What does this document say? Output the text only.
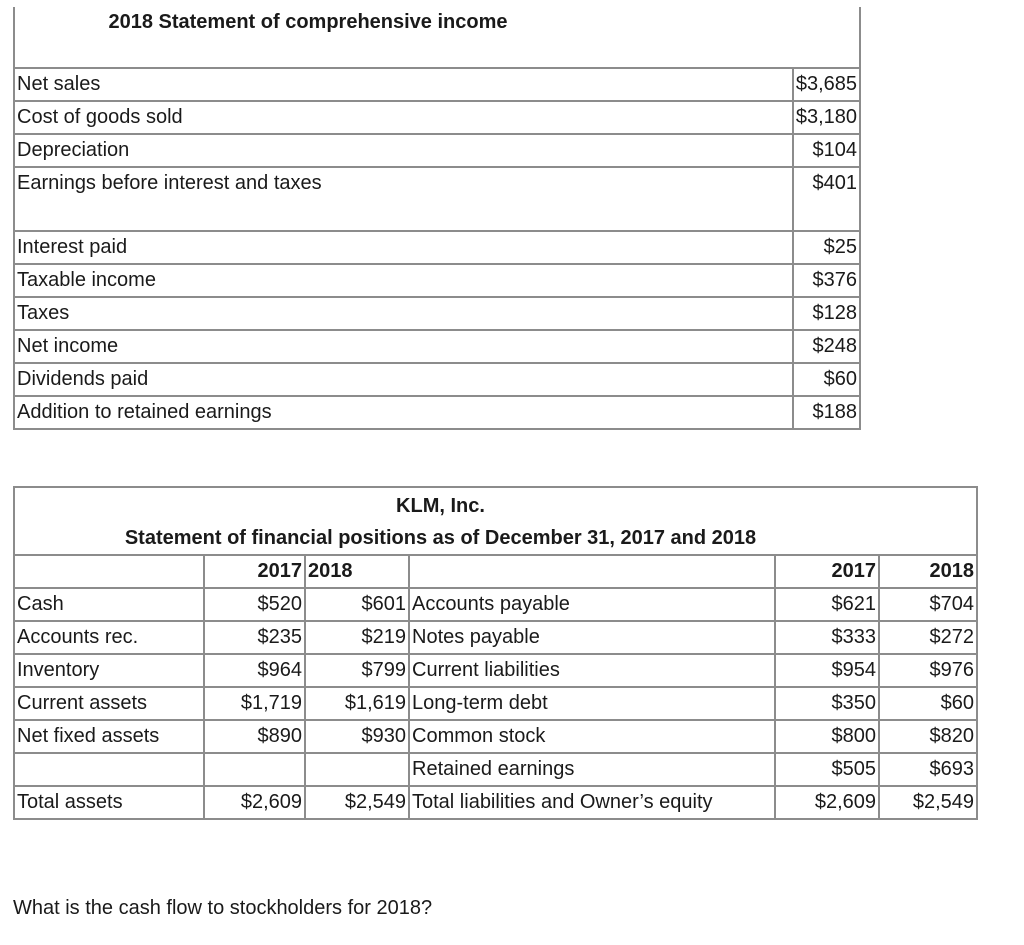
2018 Statement of comprehensive income	
Net sales	$3,685
Cost of goods sold	$3,180
Depreciation	$104
Earnings before interest and taxes	$401
Interest paid	$25
Taxable income	$376
Taxes	$128
Net income	$248
Dividends paid	$60
Addition to retained earnings	$188
KLM, Inc.
Statement of financial positions as of December 31, 2017 and 2018					

	2017	2018		2017	2018
Cash	$520	$601	Accounts payable	$621	$704
Accounts rec.	$235	$219	Notes payable	$333	$272
Inventory	$964	$799	Current liabilities	$954	$976
Current assets	$1,719	$1,619	Long-term debt	$350	$60
Net fixed assets	$890	$930	Common stock	$800	$820
			Retained earnings	$505	$693
Total assets	$2,609	$2,549	Total liabilities and Owner’s equity	$2,609	$2,549
What is the cash flow to stockholders for 2018?
